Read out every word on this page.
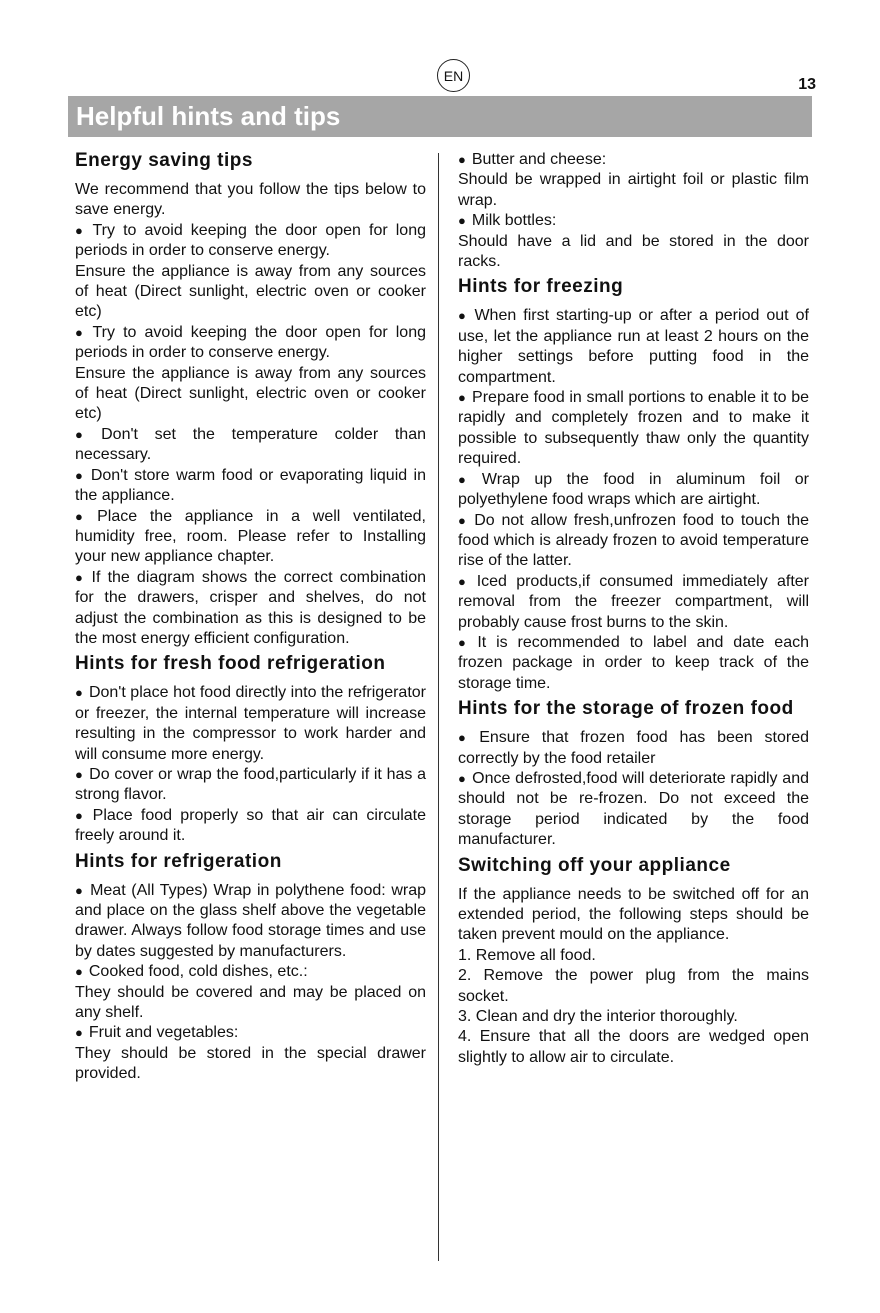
EN
13
Helpful hints and tips
Energy saving tips

We recommend that you follow the tips below to save energy.

● Try to avoid keeping the door open for long periods in order to conserve energy.

Ensure the appliance is away from any sources of heat (Direct sunlight, electric oven or cooker etc)

● Try to avoid keeping the door open for long periods in order to conserve energy.

Ensure the appliance is away from any sources of heat (Direct sunlight, electric oven or cooker etc)

● Don't set the temperature colder than necessary.

● Don't store warm food or evaporating liquid in the appliance.

● Place the appliance in a well ventilated, humidity free, room. Please refer to Installing your new appliance chapter.

● If the diagram shows the correct combination for the drawers, crisper and shelves, do not adjust the combination as this is designed to be the most energy efficient configuration.

Hints for fresh food refrigeration

● Don't place hot food directly into the refrigerator or freezer, the internal temperature will increase resulting in the compressor to work harder and will consume more energy.

● Do cover or wrap the food,particularly if it has a strong flavor.

● Place food properly so that air can circulate freely around it.

Hints for refrigeration

● Meat (All Types) Wrap in polythene food: wrap and place on the glass shelf above the vegetable drawer. Always follow food storage times and use by dates suggested by manufacturers.

● Cooked food, cold dishes, etc.:

They should be covered and may be placed on any shelf.

● Fruit and vegetables:

They should be stored in the special drawer provided.

● Butter and cheese:

Should be wrapped in airtight foil or plastic film wrap.

● Milk bottles:

Should have a lid and be stored in the door racks.

Hints for freezing

● When first starting-up or after a period out of use, let the appliance run at least 2 hours on the higher settings before putting food in the compartment.

● Prepare food in small portions to enable it to be rapidly and completely frozen and to make it possible to subsequently thaw only the quantity required.

● Wrap up the food in aluminum foil or polyethylene food wraps which are airtight.

● Do not allow fresh,unfrozen food to touch the food which is already frozen to avoid temperature rise of the latter.

● Iced products,if consumed immediately after removal from the freezer compartment, will probably cause frost burns to the skin.

● It is recommended to label and date each frozen package in order to keep track of the storage time.

Hints for the storage of frozen food

● Ensure that frozen food has been stored correctly by the food retailer

● Once defrosted,food will deteriorate rapidly and should not be re-frozen. Do not exceed the storage period indicated by the food manufacturer.

Switching off your appliance

If the appliance needs to be switched off for an extended period, the following steps should be taken prevent mould on the appliance.

1. Remove all food.

2. Remove the power plug from the mains socket.

3. Clean and dry the interior thoroughly.

4. Ensure that all the doors are wedged open slightly to allow air to circulate.
